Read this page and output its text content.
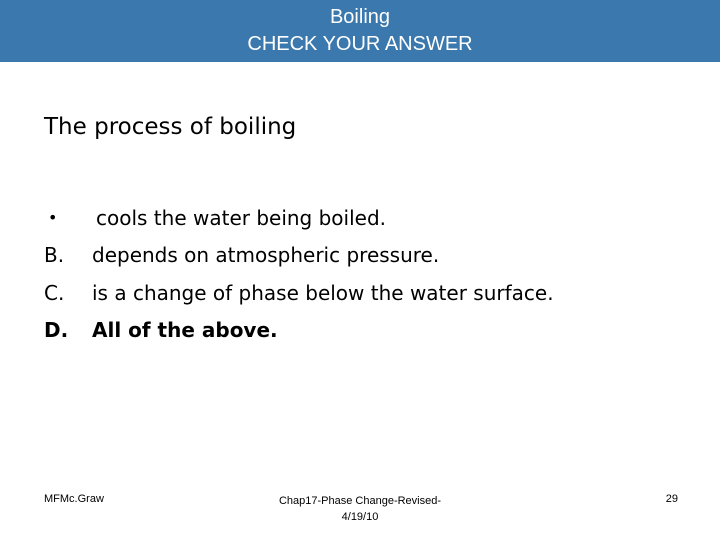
Boiling
CHECK YOUR ANSWER
The process of boiling
•	cools the water being boiled.
B.	depends on atmospheric pressure.
C.	is a change of phase below the water surface.
D.	All of the above.
MFMc.Graw	Chap17-Phase Change-Revised-
4/19/10
29
